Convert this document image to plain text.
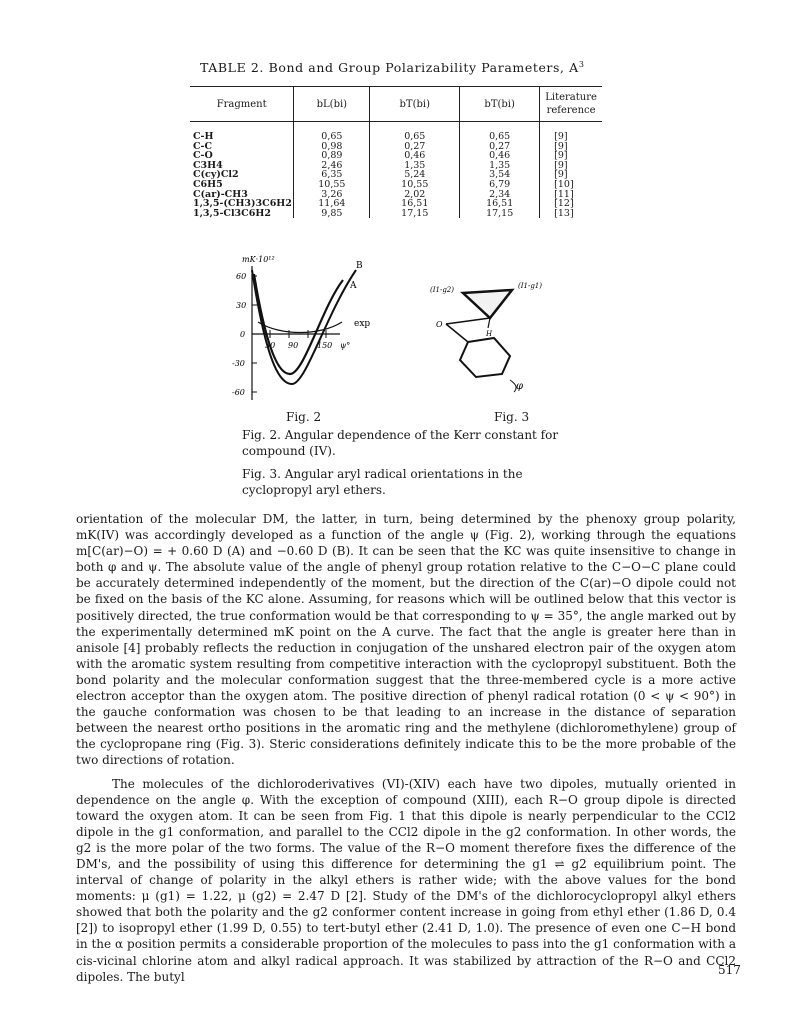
TABLE 2. Bond and Group Polarizability Parameters, $A^3$
Fragment	bL(bi)	bT(bi)	bT(bi)	Literature reference
C-H	0,65	0,65	0,65	[9]
C-C	0,98	0,27	0,27	[9]
C-O	0,89	0,46	0,46	[9]
C3H4	2,46	1,35	1,35	[9]
C(cy)Cl2	6,35	5,24	3,54	[9]
C6H5	10,55	10,55	6,79	[10]
C(ar)-CH3	3,26	2,02	2,34	[11]
1,3,5-(CH3)3C6H2	11,64	16,51	16,51	[12]
1,3,5-Cl3C6H2	9,85	17,15	17,15	[13]
mK·10¹²
60
30
0
-30
-60
30 90 150 ψ°
B
A
exp
(I1-g2)	(I1-g1)
O
H
φ
Fig. 2	Fig. 3
Fig. 2. Angular dependence of the Kerr constant for compound (IV).
Fig. 3. Angular aryl radical orientations in the cyclopropyl aryl ethers.

orientation of the molecular DM, the latter, in turn, being determined by the phenoxy group polarity, mK(IV) was accordingly developed as a function of the angle ψ (Fig. 2), working through the equations m[C(ar)−O) = + 0.60 D (A) and −0.60 D (B). It can be seen that the KC was quite insensitive to change in both φ and ψ. The absolute value of the angle of phenyl group rotation relative to the C−O−C plane could be accurately determined independently of the moment, but the direction of the C(ar)−O dipole could not be fixed on the basis of the KC alone. Assuming, for reasons which will be outlined below that this vector is positively directed, the true conformation would be that corresponding to ψ = 35°, the angle marked out by the experimentally determined mK point on the A curve. The fact that the angle is greater here than in anisole [4] probably reflects the reduction in conjugation of the unshared electron pair of the oxygen atom with the aromatic system resulting from competitive interaction with the cyclopropyl substituent. Both the bond polarity and the molecular conformation suggest that the three-membered cycle is a more active electron acceptor than the oxygen atom. The positive direction of phenyl radical rotation (0 < ψ < 90°) in the gauche conformation was chosen to be that leading to an increase in the distance of separation between the nearest ortho positions in the aromatic ring and the methylene (dichloromethylene) group of the cyclopropane ring (Fig. 3). Steric considerations definitely indicate this to be the more probable of the two directions of rotation.

The molecules of the dichloroderivatives (VI)-(XIV) each have two dipoles, mutually oriented in dependence on the angle φ. With the exception of compound (XIII), each R−O group dipole is directed toward the oxygen atom. It can be seen from Fig. 1 that this dipole is nearly perpendicular to the CCl2 dipole in the g1 conformation, and parallel to the CCl2 dipole in the g2 conformation. In other words, the g2 is the more polar of the two forms. The value of the R−O moment therefore fixes the difference of the DM's, and the possibility of using this difference for determining the g1 ⇌ g2 equilibrium point. The interval of change of polarity in the alkyl ethers is rather wide; with the above values for the bond moments: μ (g1) = 1.22, μ (g2) = 2.47 D [2]. Study of the DM's of the dichlorocyclopropyl alkyl ethers showed that both the polarity and the g2 conformer content increase in going from ethyl ether (1.86 D, 0.4 [2]) to isopropyl ether (1.99 D, 0.55) to tert-butyl ether (2.41 D, 1.0). The presence of even one C−H bond in the α position permits a considerable proportion of the molecules to pass into the g1 conformation with a cis-vicinal chlorine atom and alkyl radical approach. It was stabilized by attraction of the R−O and CCl2 dipoles. The butyl	517
